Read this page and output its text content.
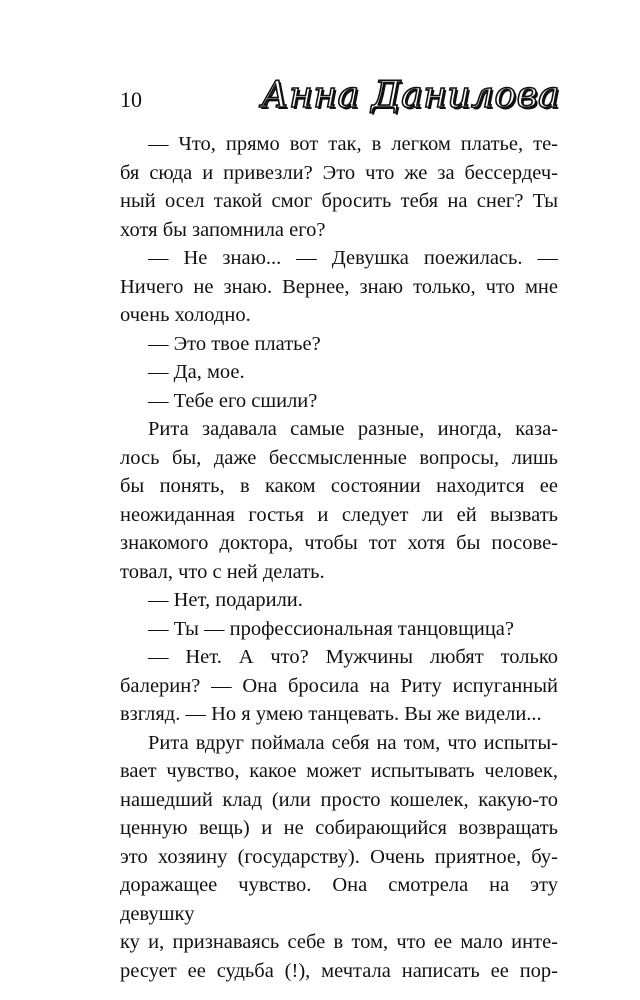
10	Анна Данилова
— Что, прямо вот так, в легком платье, те-
бя сюда и привезли? Это что же за бессердеч-
ный осел такой смог бросить тебя на снег? Ты
хотя бы запомнила его?
— Не знаю... — Девушка поежилась. —
Ничего не знаю. Вернее, знаю только, что мне
очень холодно.
— Это твое платье?
— Да, мое.
— Тебе его сшили?
Рита задавала самые разные, иногда, каза-
лось бы, даже бессмысленные вопросы, лишь
бы понять, в каком состоянии находится ее
неожиданная гостья и следует ли ей вызвать
знакомого доктора, чтобы тот хотя бы посове-
товал, что с ней делать.
— Нет, подарили.
— Ты — профессиональная танцовщица?
— Нет. А что? Мужчины любят только
балерин? — Она бросила на Риту испуганный
взгляд. — Но я умею танцевать. Вы же видели...
Рита вдруг поймала себя на том, что испыты-
вает чувство, какое может испытывать человек,
нашедший клад (или просто кошелек, какую-то
ценную вещь) и не собирающийся возвращать
это хозяину (государству). Очень приятное, бу-
доражащее чувство. Она смотрела на эту девушку
ку и, признаваясь себе в том, что ее мало инте-
ресует ее судьба (!), мечтала написать ее пор-
